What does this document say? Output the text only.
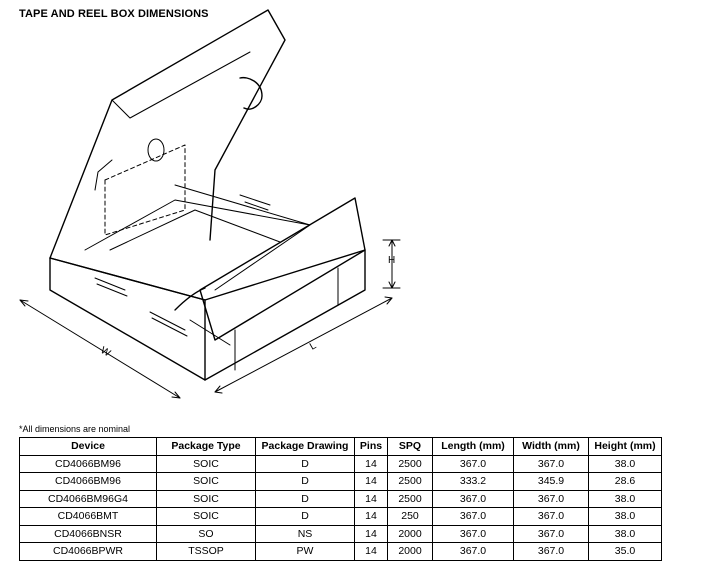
TAPE AND REEL BOX DIMENSIONS
H
W	L
*All dimensions are nominal
Device	Package Type	Package Drawing	Pins	SPQ	Length (mm)	Width (mm)	Height (mm)
CD4066BM96	SOIC	D	14	2500	367.0	367.0	38.0
CD4066BM96	SOIC	D	14	2500	333.2	345.9	28.6
CD4066BM96G4	SOIC	D	14	2500	367.0	367.0	38.0
CD4066BMT	SOIC	D	14	250	367.0	367.0	38.0
CD4066BNSR	SO	NS	14	2000	367.0	367.0	38.0
CD4066BPWR	TSSOP	PW	14	2000	367.0	367.0	35.0
